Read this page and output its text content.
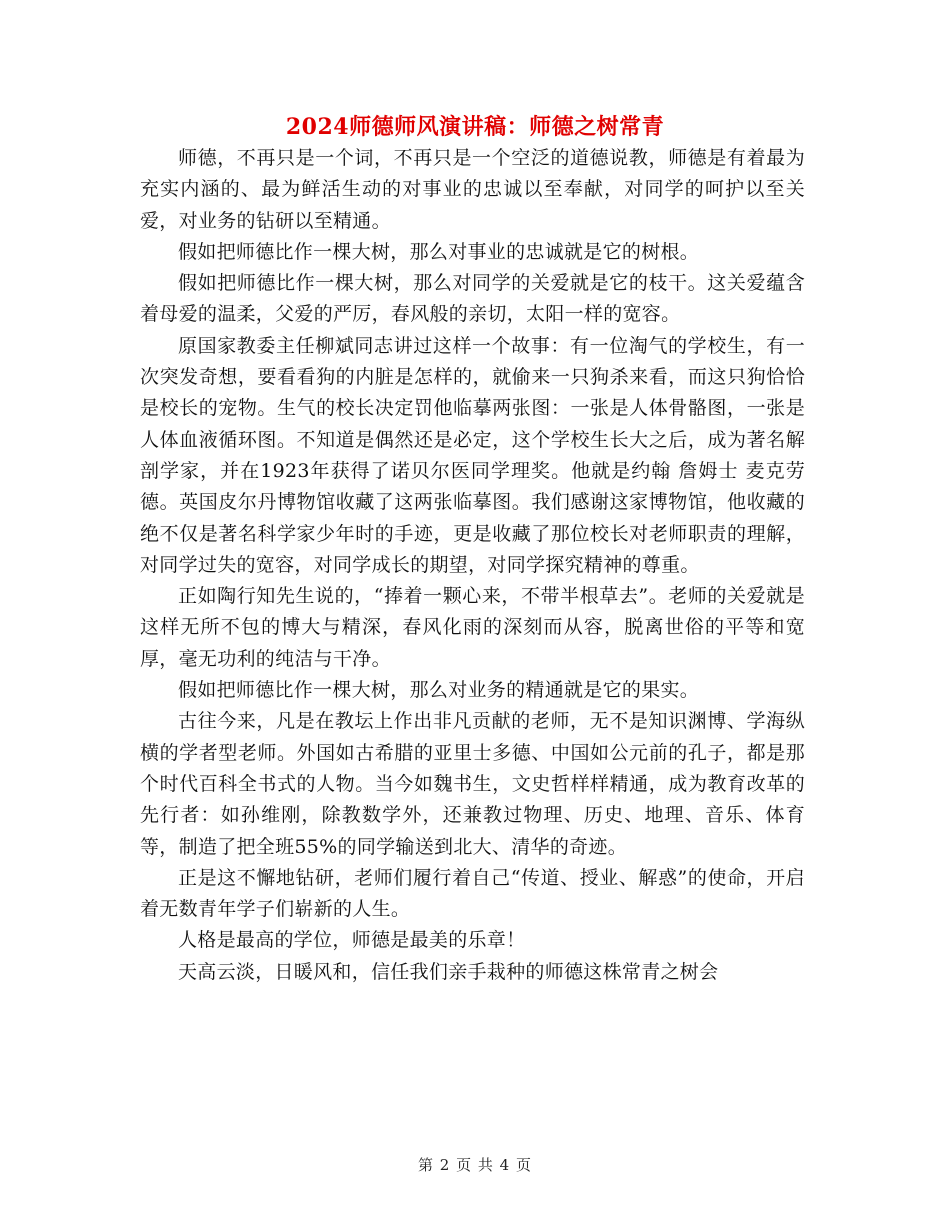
2024师德师风演讲稿：师德之树常青

师德，不再只是一个词，不再只是一个空泛的道德说教，师德是有着最为充实内涵的、最为鲜活生动的对事业的忠诚以至奉献，对同学的呵护以至关爱，对业务的钻研以至精通。

假如把师德比作一棵大树，那么对事业的忠诚就是它的树根。

假如把师德比作一棵大树，那么对同学的关爱就是它的枝干。这关爱蕴含着母爱的温柔，父爱的严厉，春风般的亲切，太阳一样的宽容。

原国家教委主任柳斌同志讲过这样一个故事：有一位淘气的学校生，有一次突发奇想，要看看狗的内脏是怎样的，就偷来一只狗杀来看，而这只狗恰恰是校长的宠物。生气的校长决定罚他临摹两张图：一张是人体骨骼图，一张是人体血液循环图。不知道是偶然还是必定，这个学校生长大之后，成为著名解剖学家，并在1923年获得了诺贝尔医同学理奖。他就是约翰 詹姆士 麦克劳德。英国皮尔丹博物馆收藏了这两张临摹图。我们感谢这家博物馆，他收藏的绝不仅是著名科学家少年时的手迹，更是收藏了那位校长对老师职责的理解，对同学过失的宽容，对同学成长的期望，对同学探究精神的尊重。

正如陶行知先生说的，“捧着一颗心来，不带半根草去”。老师的关爱就是这样无所不包的博大与精深，春风化雨的深刻而从容，脱离世俗的平等和宽厚，毫无功利的纯洁与干净。

假如把师德比作一棵大树，那么对业务的精通就是它的果实。

古往今来，凡是在教坛上作出非凡贡献的老师，无不是知识渊博、学海纵横的学者型老师。外国如古希腊的亚里士多德、中国如公元前的孔子，都是那个时代百科全书式的人物。当今如魏书生，文史哲样样精通，成为教育改革的先行者：如孙维刚，除教数学外，还兼教过物理、历史、地理、音乐、体育等，制造了把全班55%的同学输送到北大、清华的奇迹。

正是这不懈地钻研，老师们履行着自己“传道、授业、解惑”的使命，开启着无数青年学子们崭新的人生。

人格是最高的学位，师德是最美的乐章！

天高云淡，日暖风和，信任我们亲手栽种的师德这株常青之树会

第 2 页 共 4 页
